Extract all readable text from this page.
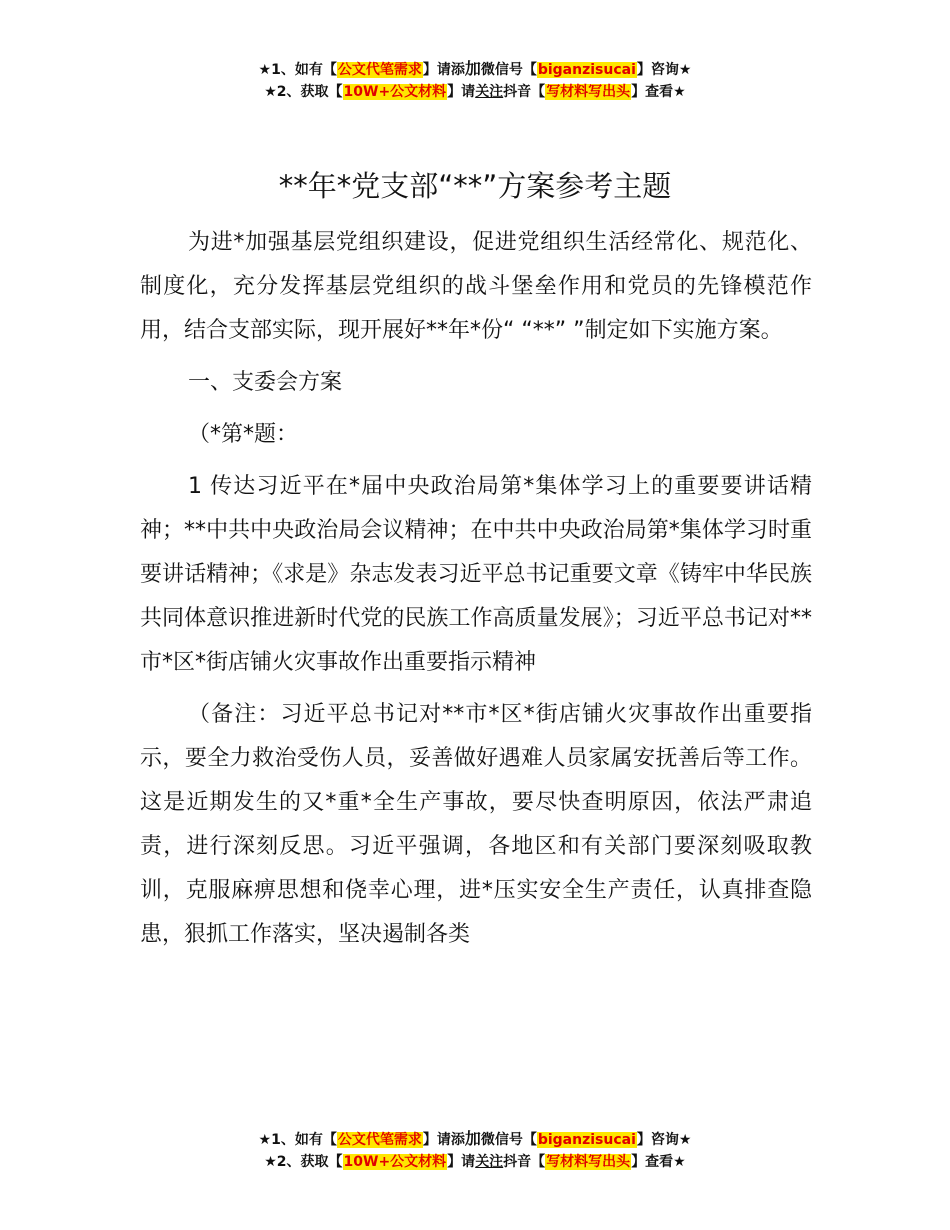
★1、如有【公文代笔需求】请添加微信号【biganzisucai】咨询★
★2、获取【10W+公文材料】请关注抖音【写材料写出头】查看★
**年*党支部“**”方案参考主题

为进*加强基层党组织建设，促进党组织生活经常化、规范化、制度化，充分发挥基层党组织的战斗堡垒作用和党员的先锋模范作用，结合支部实际，现开展好**年*份“ “**” ”制定如下实施方案。

一、支委会方案

（*第*题：

1 传达习近平在*届中央政治局第*集体学习上的重要要讲话精神；**中共中央政治局会议精神；在中共中央政治局第*集体学习时重要讲话精神；《求是》杂志发表习近平总书记重要文章《铸牢中华民族共同体意识推进新时代党的民族工作高质量发展》；习近平总书记对**市*区*街店铺火灾事故作出重要指示精神

（备注：习近平总书记对**市*区*街店铺火灾事故作出重要指示，要全力救治受伤人员，妥善做好遇难人员家属安抚善后等工作。这是近期发生的又*重*全生产事故，要尽快查明原因，依法严肃追责，进行深刻反思。习近平强调，各地区和有关部门要深刻吸取教训，克服麻痹思想和侥幸心理，进*压实安全生产责任，认真排查隐患，狠抓工作落实，坚决遏制各类

★1、如有【公文代笔需求】请添加微信号【biganzisucai】咨询★
★2、获取【10W+公文材料】请关注抖音【写材料写出头】查看★
